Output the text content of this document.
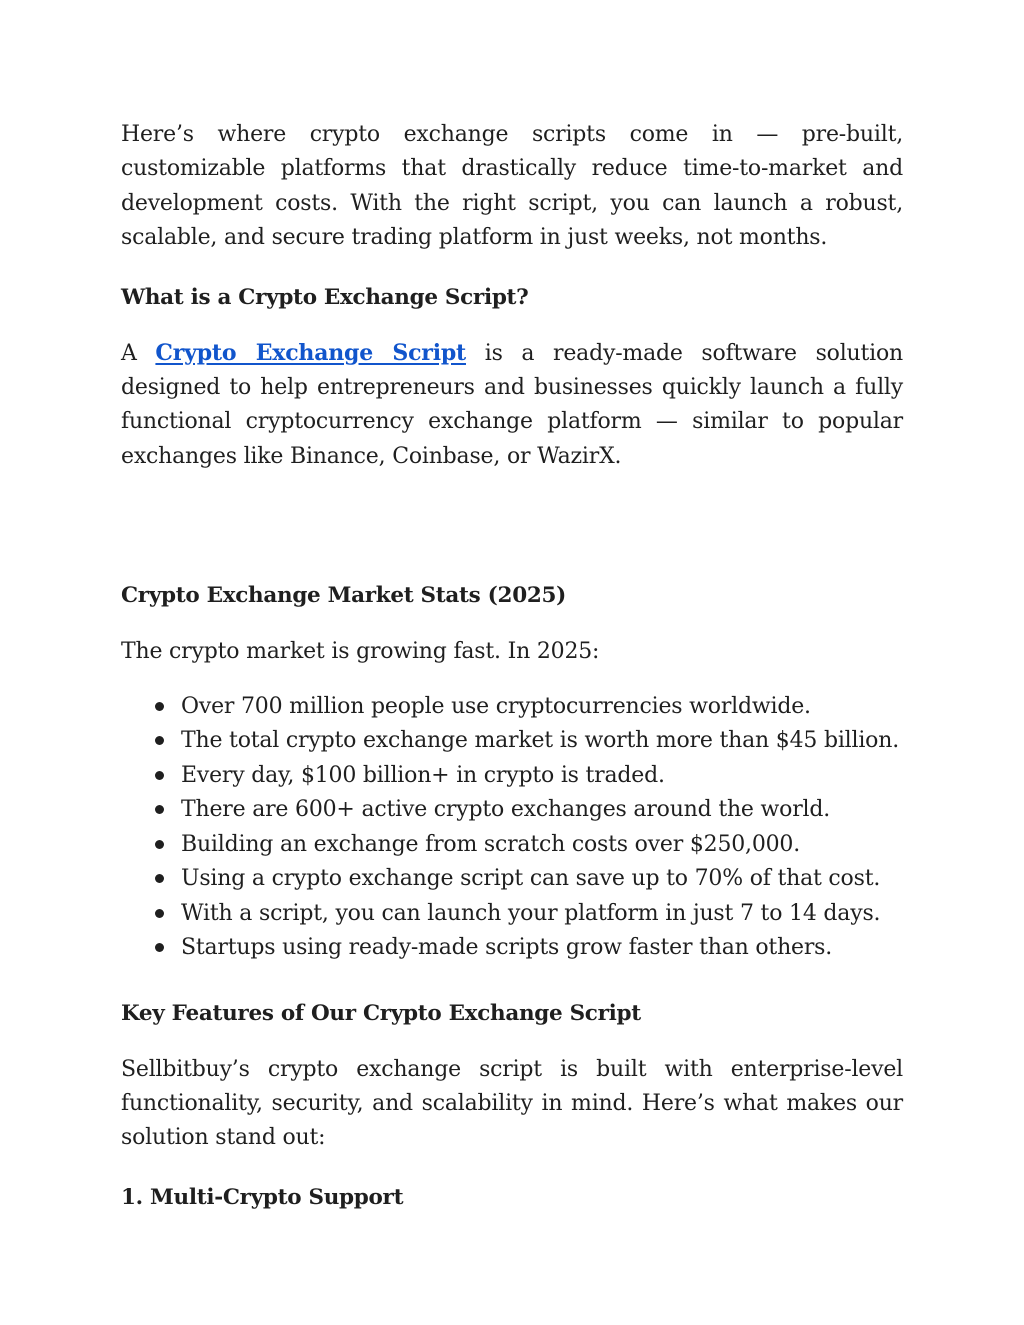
Here’s where crypto exchange scripts come in — pre-built, customizable platforms that drastically reduce time-to-market and development costs. With the right script, you can launch a robust, scalable, and secure trading platform in just weeks, not months.

What is a Crypto Exchange Script?

A Crypto Exchange Script is a ready-made software solution designed to help entrepreneurs and businesses quickly launch a fully functional cryptocurrency exchange platform — similar to popular exchanges like Binance, Coinbase, or WazirX.

Crypto Exchange Market Stats (2025)

The crypto market is growing fast. In 2025:

Over 700 million people use cryptocurrencies worldwide.
The total crypto exchange market is worth more than $45 billion.
Every day, $100 billion+ in crypto is traded.
There are 600+ active crypto exchanges around the world.
Building an exchange from scratch costs over $250,000.
Using a crypto exchange script can save up to 70% of that cost.
With a script, you can launch your platform in just 7 to 14 days.
Startups using ready-made scripts grow faster than others.
Key Features of Our Crypto Exchange Script

Sellbitbuy’s crypto exchange script is built with enterprise-level functionality, security, and scalability in mind. Here’s what makes our solution stand out:

1. Multi-Crypto Support
